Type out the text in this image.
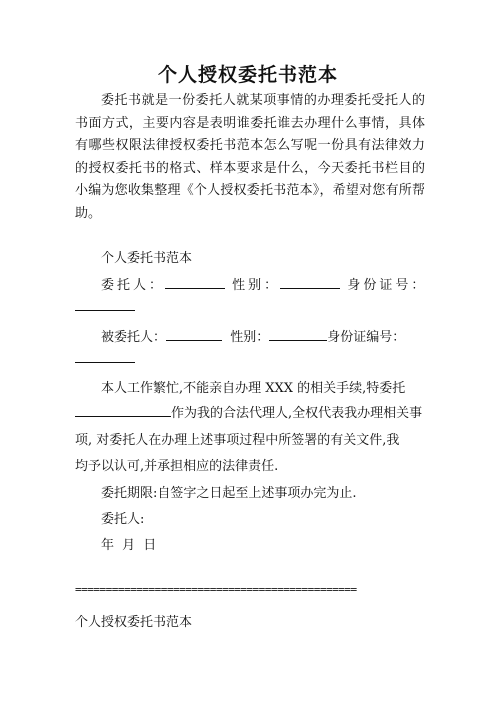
个人授权委托书范本

委托书就是一份委托人就某项事情的办理委托受托人的书面方式，主要内容是表明谁委托谁去办理什么事情，具体有哪些权限法律授权委托书范本怎么写呢一份具有法律效力的授权委托书的格式、样本要求是什么，今天委托书栏目的小编为您收集整理《个人授权委托书范本》，希望对您有所帮助。

个人委托书范本
委托人：	性别：	身份证号：
被委托人：	性别：	身份证编号：
本人工作繁忙,不能亲自办理 XXX 的相关手续,特委托
作为我的合法代理人,全权代表我办理相关事
项, 对委托人在办理上述事项过程中所签署的有关文件,我
均予以认可,并承担相应的法律责任.
委托期限:自签字之日起至上述事项办完为止.
委托人:
年 月 日
==============================================
个人授权委托书范本
